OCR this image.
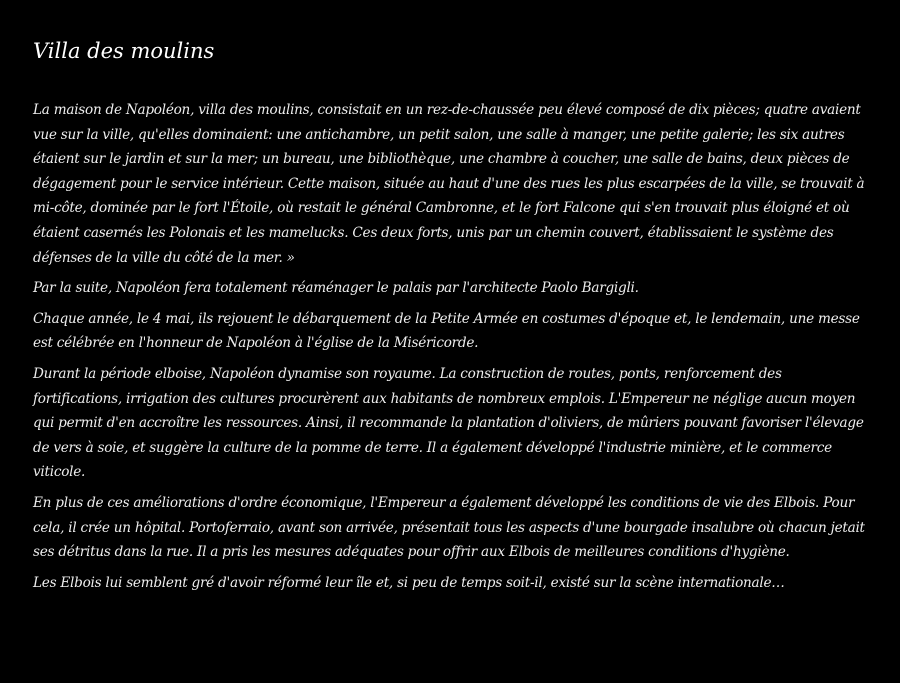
Villa des moulins

La maison de Napoléon, villa des moulins, consistait en un rez-de-chaussée peu élevé composé de dix pièces; quatre avaient vue sur la ville, qu'elles dominaient: une antichambre, un petit salon, une salle à manger, une petite galerie; les six autres étaient sur le jardin et sur la mer; un bureau, une bibliothèque, une chambre à coucher, une salle de bains, deux pièces de dégagement pour le service intérieur. Cette maison, située au haut d'une des rues les plus escarpées de la ville, se trouvait à mi-côte, dominée par le fort l'Étoile, où restait le général Cambronne, et le fort Falcone qui s'en trouvait plus éloigné et où étaient casernés les Polonais et les mamelucks. Ces deux forts, unis par un chemin couvert, établissaient le système des défenses de la ville du côté de la mer. »

Par la suite, Napoléon fera totalement réaménager le palais par l'architecte Paolo Bargigli.

Chaque année, le 4 mai, ils rejouent le débarquement de la Petite Armée en costumes d'époque et, le lendemain, une messe est célébrée en l'honneur de Napoléon à l'église de la Miséricorde.

Durant la période elboise, Napoléon dynamise son royaume. La construction de routes, ponts, renforcement des fortifications, irrigation des cultures procurèrent aux habitants de nombreux emplois. L'Empereur ne néglige aucun moyen qui permit d'en accroître les ressources. Ainsi, il recommande la plantation d'oliviers, de mûriers pouvant favoriser l'élevage de vers à soie, et suggère la culture de la pomme de terre. Il a également développé l'industrie minière, et le commerce viticole.

En plus de ces améliorations d'ordre économique, l'Empereur a également développé les conditions de vie des Elbois. Pour cela, il crée un hôpital. Portoferraio, avant son arrivée, présentait tous les aspects d'une bourgade insalubre où chacun jetait ses détritus dans la rue. Il a pris les mesures adéquates pour offrir aux Elbois de meilleures conditions d'hygiène.

Les Elbois lui semblent gré d'avoir réformé leur île et, si peu de temps soit-il, existé sur la scène internationale…
